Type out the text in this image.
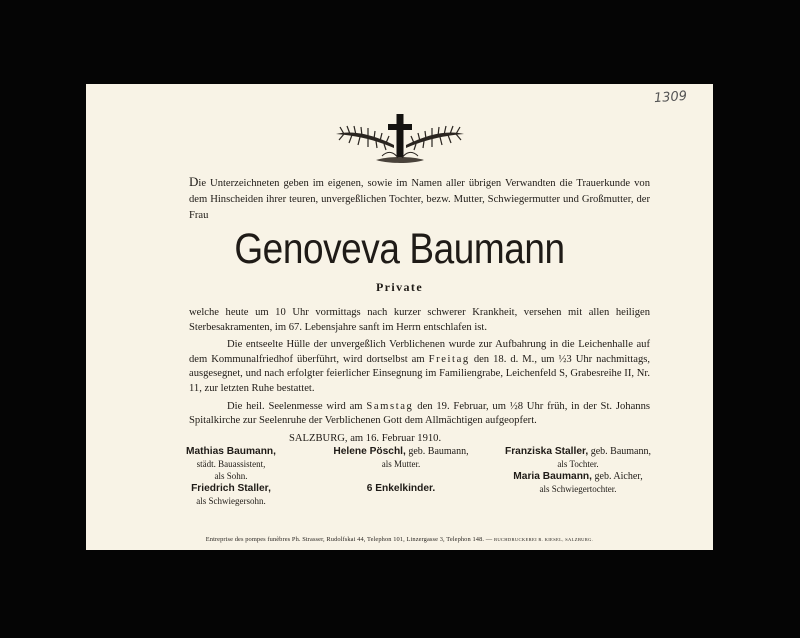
1309
Die Unterzeichneten geben im eigenen, sowie im Namen aller übrigen Verwandten die Trauerkunde von dem Hinscheiden ihrer teuren, unvergeßlichen Tochter, bezw. Mutter, Schwiegermutter und Großmutter, der Frau
Genoveva Baumann
Private

welche heute um 10 Uhr vormittags nach kurzer schwerer Krankheit, versehen mit allen heiligen Sterbesakramenten, im 67. Lebensjahre sanft im Herrn entschlafen ist.

Die entseelte Hülle der unvergeßlich Verblichenen wurde zur Aufbahrung in die Leichenhalle auf dem Kommunalfriedhof überführt, wird dortselbst am Freitag den 18. d. M., um ½3 Uhr nachmittags, ausgesegnet, und nach erfolgter feierlicher Einsegnung im Familiengrabe, Leichenfeld S, Grabesreihe II, Nr. 11, zur letzten Ruhe bestattet.

Die heil. Seelenmesse wird am Samstag den 19. Februar, um ½8 Uhr früh, in der St. Johanns Spitalkirche zur Seelenruhe der Verblichenen Gott dem Allmächtigen aufgeopfert.

SALZBURG, am 16. Februar 1910.

Mathias Baumann,
städt. Bauassistent,
als Sohn.
Friedrich Staller,
als Schwiegersohn.
Helene Pöschl, geb. Baumann,
als Mutter.
6 Enkelkinder.
Franziska Staller, geb. Baumann,
als Tochter.
Maria Baumann, geb. Aicher,
als Schwiegertochter.
Entreprise des pompes funèbres Ph. Strasser, Rudolfskai 44, Telephon 101, Linzergasse 3, Telephon 148. — BUCHDRUCKEREI R. KIESEL, SALZBURG.
